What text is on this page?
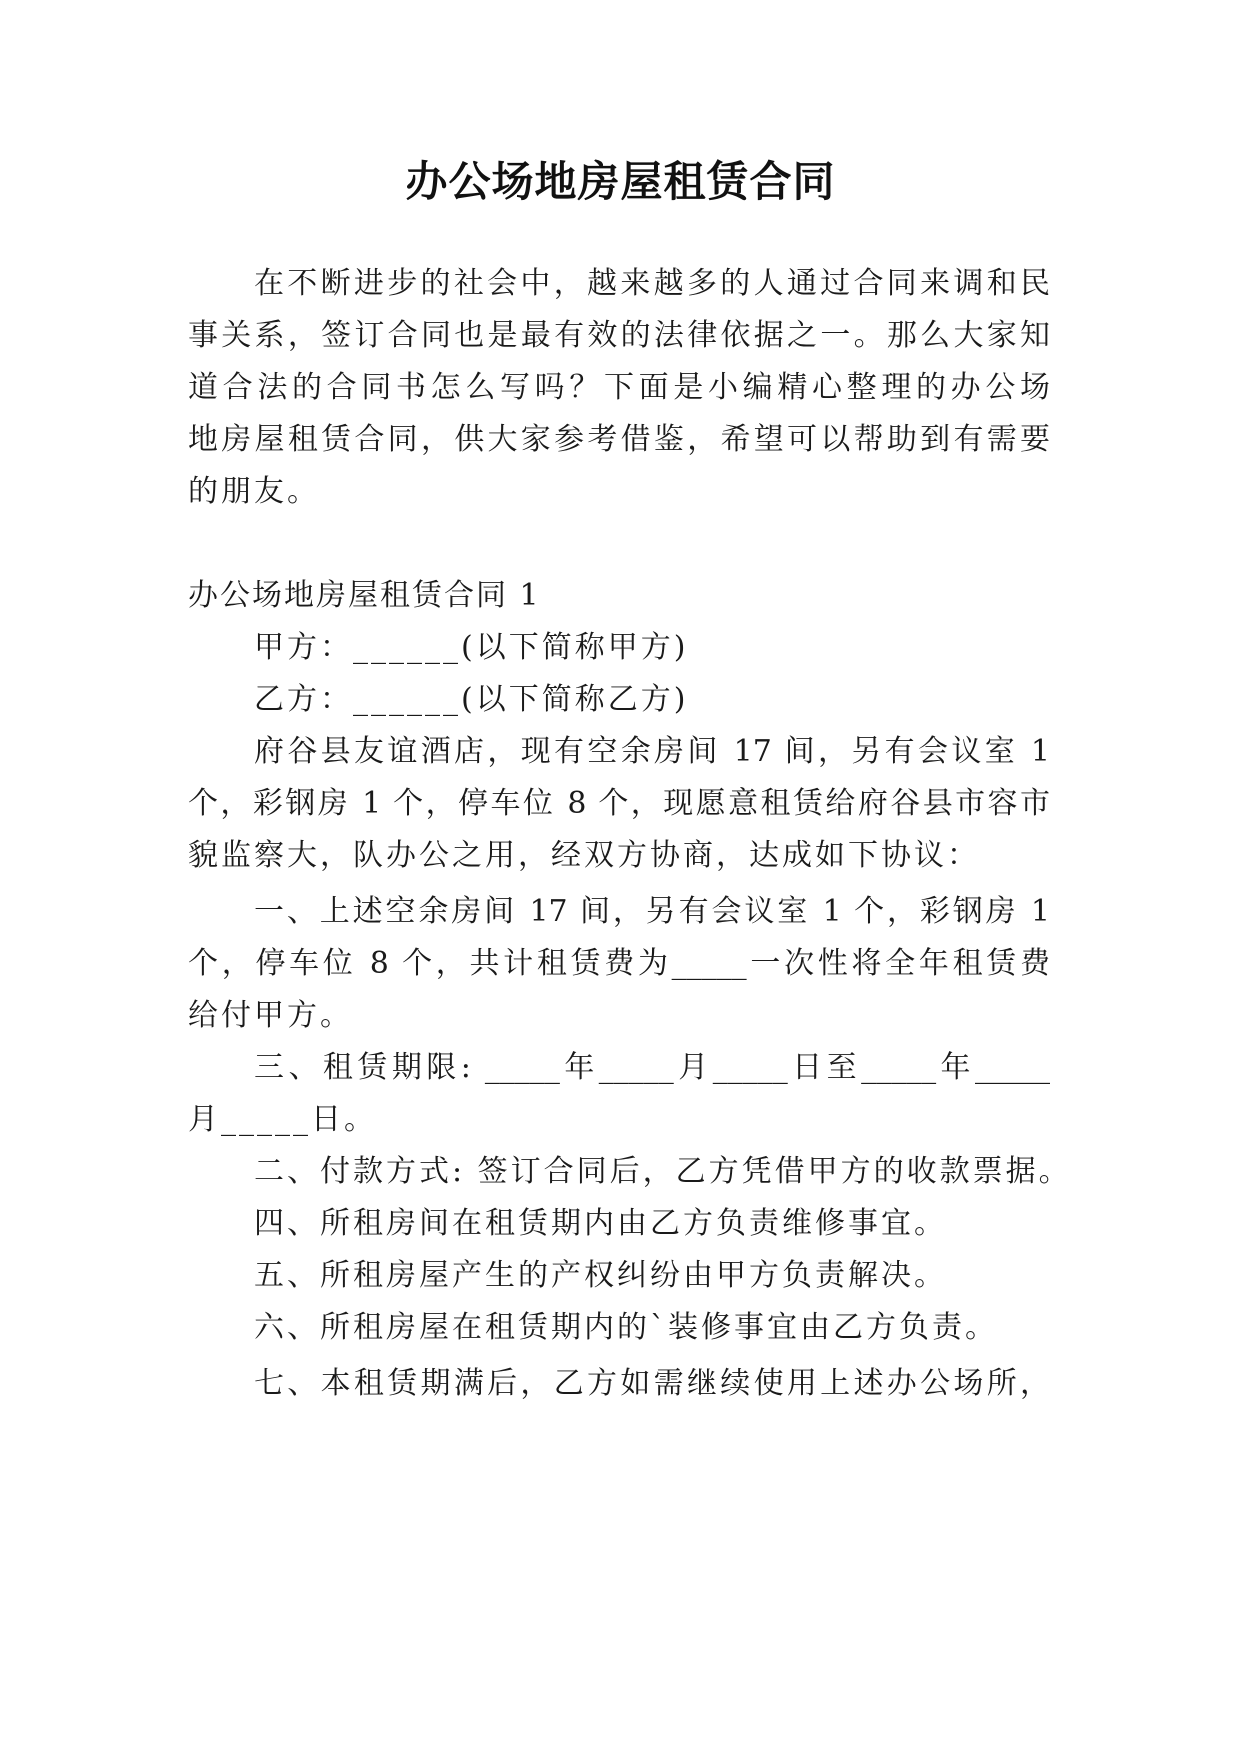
办公场地房屋租赁合同
在不断进步的社会中，越来越多的人通过合同来调和民
事关系，签订合同也是最有效的法律依据之一。那么大家知
道合法的合同书怎么写吗？下面是小编精心整理的办公场
地房屋租赁合同，供大家参考借鉴，希望可以帮助到有需要
的朋友。
办公场地房屋租赁合同 1
甲方：______(以下简称甲方)
乙方：______(以下简称乙方)
府谷县友谊酒店，现有空余房间 17 间，另有会议室 1
个，彩钢房 1 个，停车位 8 个，现愿意租赁给府谷县市容市
貌监察大，队办公之用，经双方协商，达成如下协议：
一、上述空余房间 17 间，另有会议室 1 个，彩钢房 1
个，停车位 8 个，共计租赁费为_____一次性将全年租赁费
给付甲方。
三、租赁期限: _____年_____月_____日至_____年_____
月_____日。
二、付款方式: 签订合同后，乙方凭借甲方的收款票据。
四、所租房间在租赁期内由乙方负责维修事宜。
五、所租房屋产生的产权纠纷由甲方负责解决。
六、所租房屋在租赁期内的`装修事宜由乙方负责。
七、本租赁期满后，乙方如需继续使用上述办公场所，
